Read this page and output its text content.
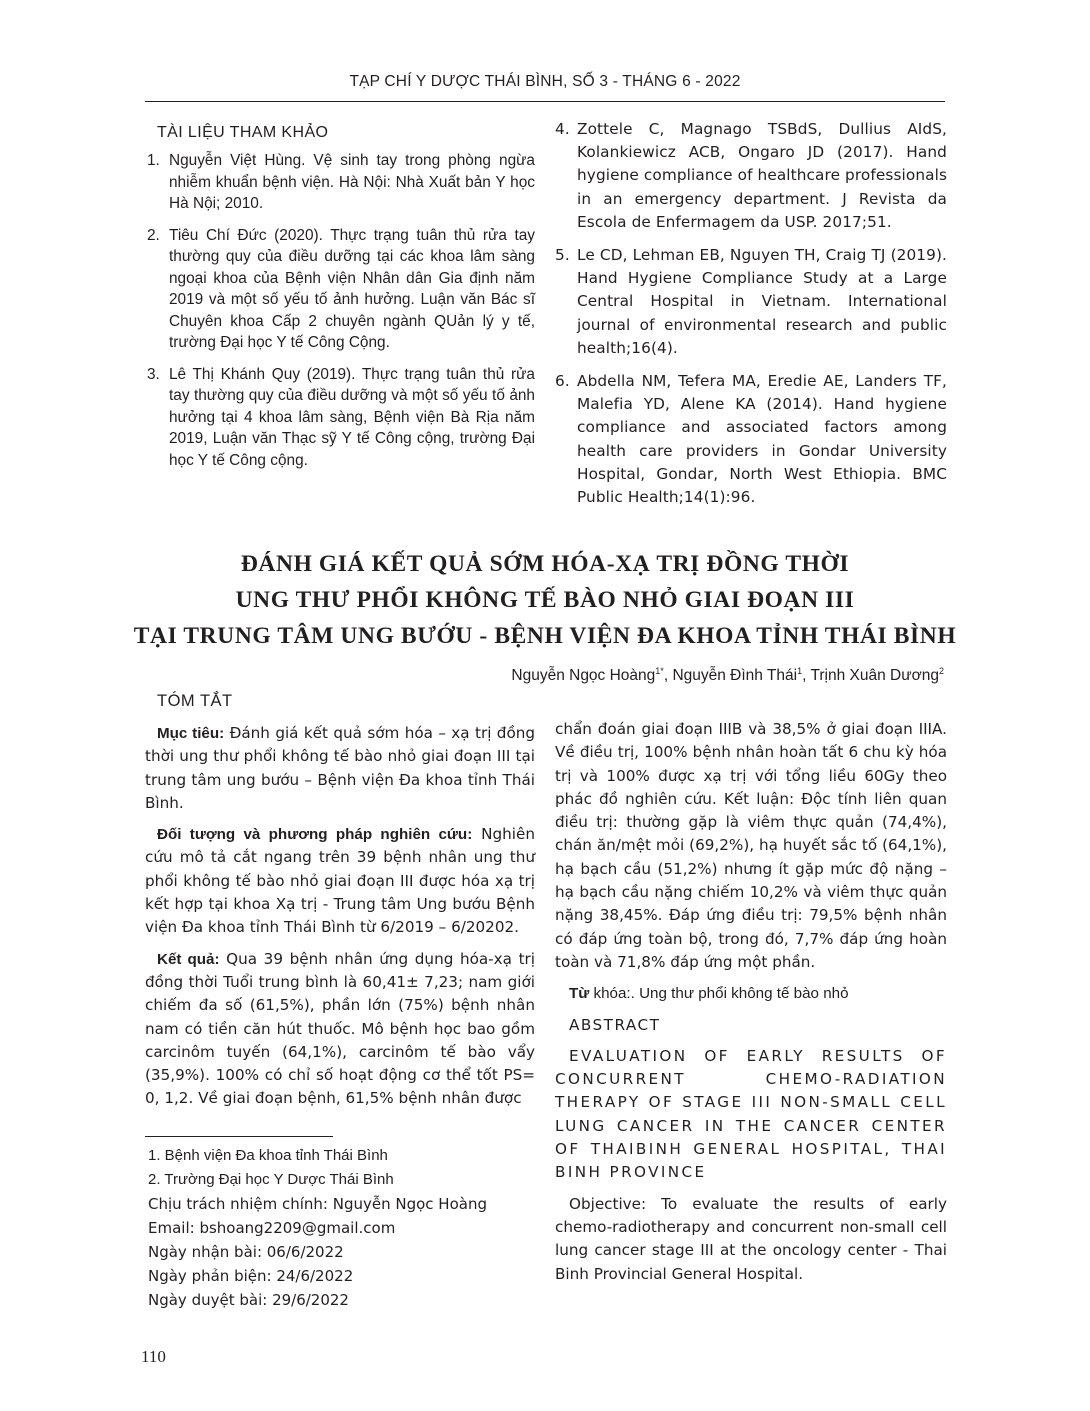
TẠP CHÍ Y DƯỢC THÁI BÌNH, SỐ 3 - THÁNG 6 - 2022
TÀI LIỆU THAM KHẢO
1. Nguyễn Việt Hùng. Vệ sinh tay trong phòng ngừa nhiễm khuẩn bệnh viện. Hà Nội: Nhà Xuất bản Y học Hà Nội; 2010.

2. Tiêu Chí Đức (2020). Thực trạng tuân thủ rửa tay thường quy của điều dưỡng tại các khoa lâm sàng ngoại khoa của Bệnh viện Nhân dân Gia định năm 2019 và một số yếu tố ảnh hưởng. Luận văn Bác sĩ Chuyên khoa Cấp 2 chuyên ngành QUản lý y tế, trường Đại học Y tế Công Cộng.

3. Lê Thị Khánh Quy (2019). Thực trạng tuân thủ rửa tay thường quy của điều dưỡng và một số yếu tố ảnh hưởng tại 4 khoa lâm sàng, Bệnh viện Bà Rịa năm 2019, Luận văn Thạc sỹ Y tế Công cộng, trường Đại học Y tế Công cộng.

4. Zottele C, Magnago TSBdS, Dullius AIdS, Kolankiewicz ACB, Ongaro JD (2017). Hand hygiene compliance of healthcare professionals in an emergency department. J Revista da Escola de Enfermagem da USP. 2017;51.

5. Le CD, Lehman EB, Nguyen TH, Craig TJ (2019). Hand Hygiene Compliance Study at a Large Central Hospital in Vietnam. International journal of environmental research and public health;16(4).

6. Abdella NM, Tefera MA, Eredie AE, Landers TF, Malefia YD, Alene KA (2014). Hand hygiene compliance and associated factors among health care providers in Gondar University Hospital, Gondar, North West Ethiopia. BMC Public Health;14(1):96.

ĐÁNH GIÁ KẾT QUẢ SỚM HÓA-XẠ TRỊ ĐỒNG THỜI
UNG THƯ PHỔI KHÔNG TẾ BÀO NHỎ GIAI ĐOẠN III
TẠI TRUNG TÂM UNG BƯỚU - BỆNH VIỆN ĐA KHOA TỈNH THÁI BÌNH
Nguyễn Ngọc Hoàng$^{1*}$, Nguyễn Đình Thái$^1$, Trịnh Xuân Dương$^2$
TÓM TẮT

Mục tiêu: Đánh giá kết quả sớm hóa – xạ trị đồng thời ung thư phổi không tế bào nhỏ giai đoạn III tại trung tâm ung bướu – Bệnh viện Đa khoa tỉnh Thái Bình.

Đối tượng và phương pháp nghiên cứu: Nghiên cứu mô tả cắt ngang trên 39 bệnh nhân ung thư phổi không tế bào nhỏ giai đoạn III được hóa xạ trị kết hợp tại khoa Xạ trị - Trung tâm Ung bướu Bệnh viện Đa khoa tỉnh Thái Bình từ 6/2019 – 6/20202.

Kết quả: Qua 39 bệnh nhân ứng dụng hóa-xạ trị đồng thời Tuổi trung bình là 60,41± 7,23; nam giới chiếm đa số (61,5%), phần lớn (75%) bệnh nhân nam có tiền căn hút thuốc. Mô bệnh học bao gồm carcinôm tuyến (64,1%), carcinôm tế bào vẩy (35,9%). 100% có chỉ số hoạt động cơ thể tốt PS= 0, 1,2. Về giai đoạn bệnh, 61,5% bệnh nhân được

1. Bệnh viện Đa khoa tỉnh Thái Bình
2. Trường Đại học Y Dược Thái Bình
Chịu trách nhiệm chính: Nguyễn Ngọc Hoàng
Email: bshoang2209@gmail.com
Ngày nhận bài: 06/6/2022
Ngày phản biện: 24/6/2022
Ngày duyệt bài: 29/6/2022

chẩn đoán giai đoạn IIIB và 38,5% ở giai đoạn IIIA. Về điều trị, 100% bệnh nhân hoàn tất 6 chu kỳ hóa trị và 100% được xạ trị với tổng liều 60Gy theo phác đồ nghiên cứu. Kết luận: Độc tính liên quan điều trị: thường gặp là viêm thực quản (74,4%), chán ăn/mệt mỏi (69,2%), hạ huyết sắc tố (64,1%), hạ bạch cầu (51,2%) nhưng ít gặp mức độ nặng – hạ bạch cầu nặng chiếm 10,2% và viêm thực quản nặng 38,45%. Đáp ứng điều trị: 79,5% bệnh nhân có đáp ứng toàn bộ, trong đó, 7,7% đáp ứng hoàn toàn và 71,8% đáp ứng một phần.

Từ khóa:. Ung thư phổi không tế bào nhỏ

ABSTRACT

EVALUATION OF EARLY RESULTS OF CONCURRENT CHEMO-RADIATION THERAPY OF STAGE III NON-SMALL CELL LUNG CANCER IN THE CANCER CENTER OF THAIBINH GENERAL HOSPITAL, THAI BINH PROVINCE

Objective: To evaluate the results of early chemo-radiotherapy and concurrent non-small cell lung cancer stage III at the oncology center - Thai Binh Provincial General Hospital.

110
